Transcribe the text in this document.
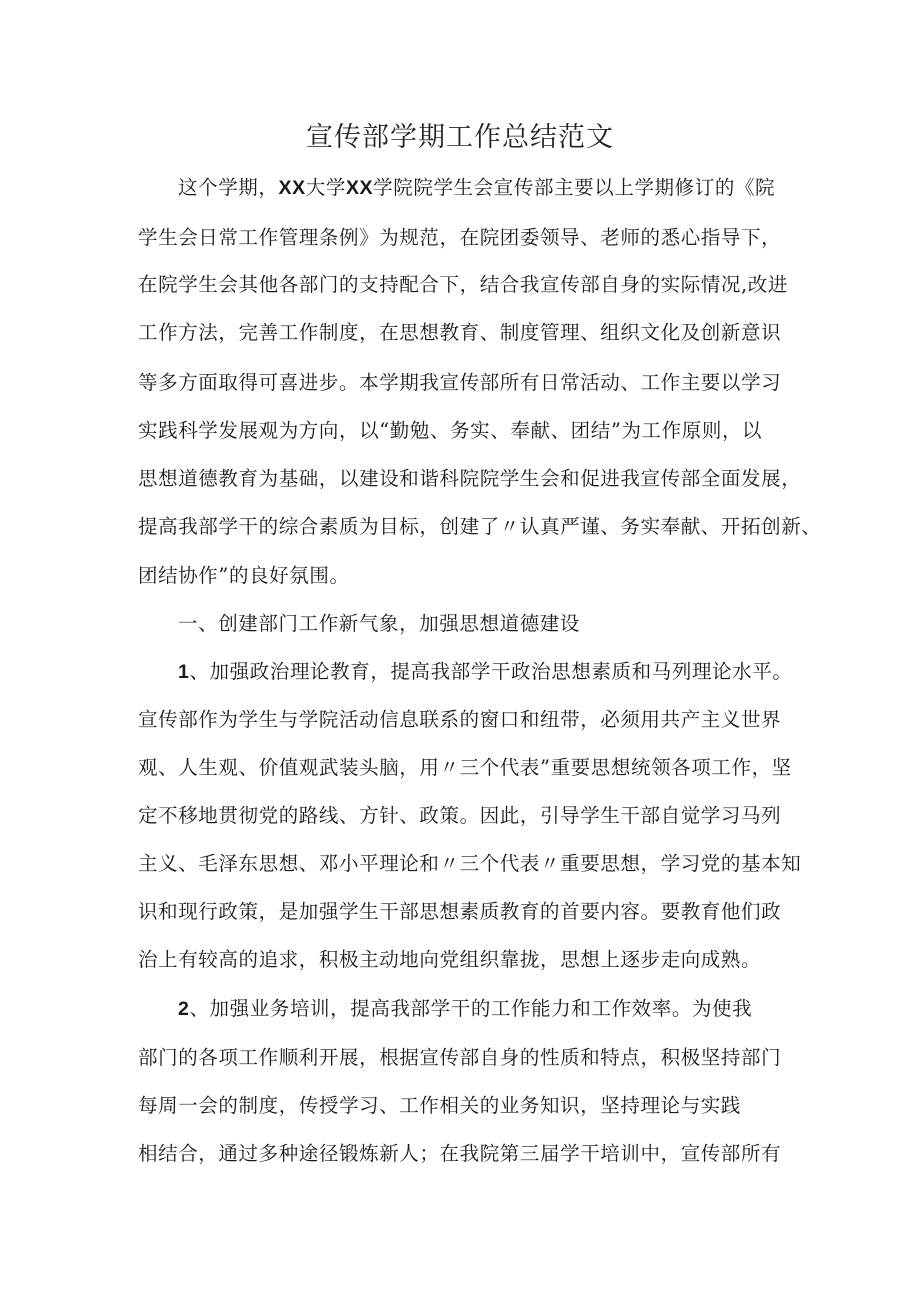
宣传部学期工作总结范文
这个学期，XX大学XX学院院学生会宣传部主要以上学期修订的《院
学生会日常工作管理条例》为规范，在院团委领导、老师的悉心指导下，
在院学生会其他各部门的支持配合下，结合我宣传部自身的实际情况,改进
工作方法，完善工作制度，在思想教育、制度管理、组织文化及创新意识
等多方面取得可喜进步。本学期我宣传部所有日常活动、工作主要以学习
实践科学发展观为方向，以“勤勉、务实、奉献、团结”为工作原则，以
思想道德教育为基础，以建设和谐科院院学生会和促进我宣传部全面发展，
提高我部学干的综合素质为目标，创建了〃认真严谨、务实奉献、开拓创新、
团结协作”的良好氛围。
一、创建部门工作新气象，加强思想道德建设
1、加强政治理论教育，提高我部学干政治思想素质和马列理论水平。
宣传部作为学生与学院活动信息联系的窗口和纽带，必须用共产主义世界
观、人生观、价值观武装头脑，用〃三个代表”重要思想统领各项工作，坚
定不移地贯彻党的路线、方针、政策。因此，引导学生干部自觉学习马列
主义、毛泽东思想、邓小平理论和〃三个代表〃重要思想，学习党的基本知
识和现行政策，是加强学生干部思想素质教育的首要内容。要教育他们政
治上有较高的追求，积极主动地向党组织靠拢，思想上逐步走向成熟。
2、加强业务培训，提高我部学干的工作能力和工作效率。为使我
部门的各项工作顺利开展，根据宣传部自身的性质和特点，积极坚持部门
每周一会的制度，传授学习、工作相关的业务知识，坚持理论与实践
相结合，通过多种途径锻炼新人；在我院第三届学干培训中，宣传部所有
